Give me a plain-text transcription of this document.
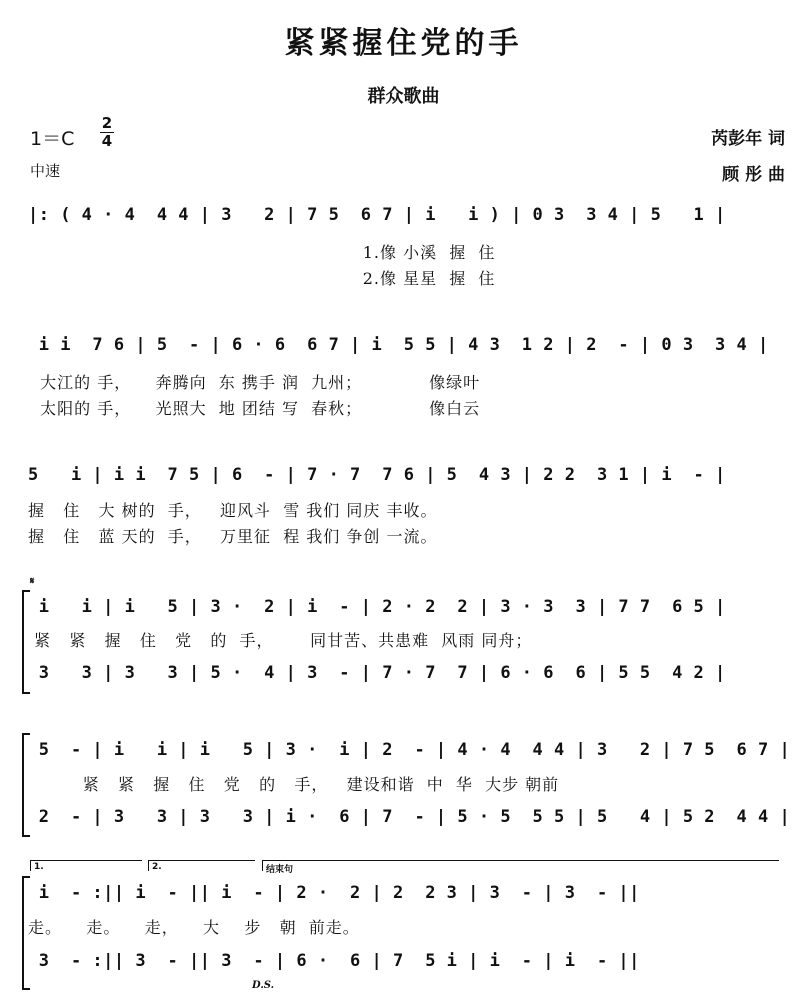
紧紧握住党的手
群众歌曲
$1=C \frac{2}{4}$
中速
芮彭年 词
顾 彤 曲
|: ( 4 · 4  4 4 | 3   2 | 7 5  6 7 | i   i ) | 0 3  3 4 | 5   1 |
1.像 小溪  握  住
2.像 星星  握  住
i i  7 6 | 5  - | 6 · 6  6 7 | i  5 5 | 4 3  1 2 | 2  - | 0 3  3 4 |
大江的 手，    奔腾向  东 携手 润  九州；           像绿叶
太阳的 手，    光照大  地 团结 写  春秋；           像白云
5   i | i i  7 5 | 6  - | 7 · 7  7 6 | 5  4 3 | 2 2  3 1 | i  - |
握   住   大 树的  手，   迎风斗  雪 我们 同庆 丰收。
握   住   蓝 天的  手，   万里征  程 我们 争创 一流。
𝄋
i   i | i   5 | 3 ·  2 | i  - | 2 · 2  2 | 3 · 3  3 | 7 7  6 5 |
紧   紧   握   住   党   的  手，      同甘苦、共患难  风雨 同舟；
3   3 | 3   3 | 5 ·  4 | 3  - | 7 · 7  7 | 6 · 6  6 | 5 5  4 2 |
5  - | i   i | i   5 | 3 ·  i | 2  - | 4 · 4  4 4 | 3   2 | 7 5  6 7 |
紧   紧   握   住   党   的   手，   建设和谐  中  华  大步 朝前
2  - | 3   3 | 3   3 | i ·  6 | 7  - | 5 · 5  5 5 | 5   4 | 5 2  4 4 |
1.	2.	结束句
i  - :|| i  - || i  - | 2 ·  2 | 2  2 3 | 3  - | 3  - ||
走。    走。    走，    大    步   朝  前走。
3  - :|| 3  - || 3  - | 6 ·  6 | 7  5 i | i  - | i  - ||
D.S.
